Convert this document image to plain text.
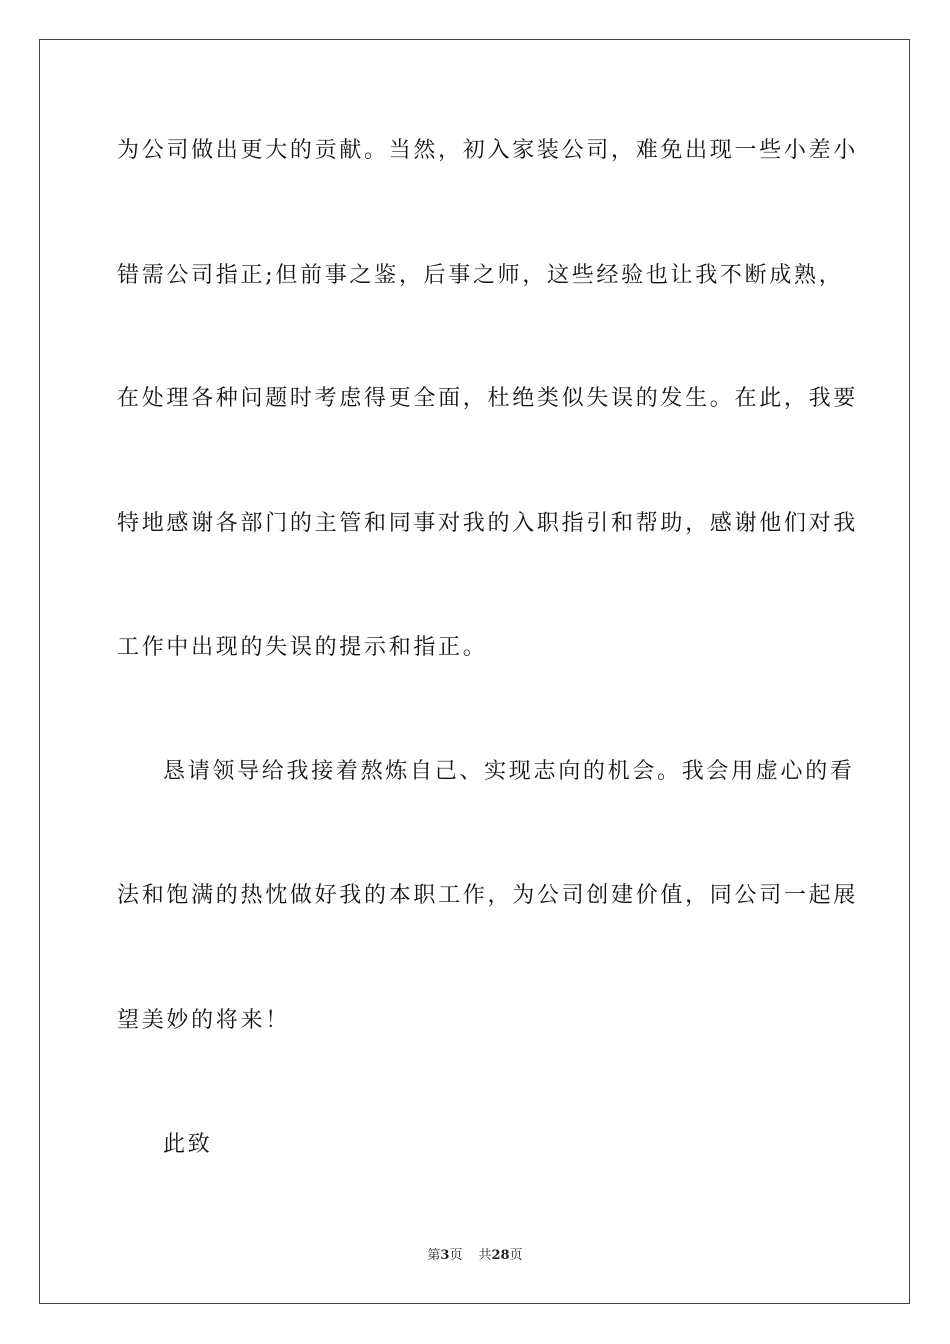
为公司做出更大的贡献。当然，初入家装公司，难免出现一些小差小
错需公司指正;但前事之鉴，后事之师，这些经验也让我不断成熟，
在处理各种问题时考虑得更全面，杜绝类似失误的发生。在此，我要
特地感谢各部门的主管和同事对我的入职指引和帮助，感谢他们对我
工作中出现的失误的提示和指正。
恳请领导给我接着熬炼自己、实现志向的机会。我会用虚心的看
法和饱满的热忱做好我的本职工作，为公司创建价值，同公司一起展
望美妙的将来！
此致
第3页 共28页
